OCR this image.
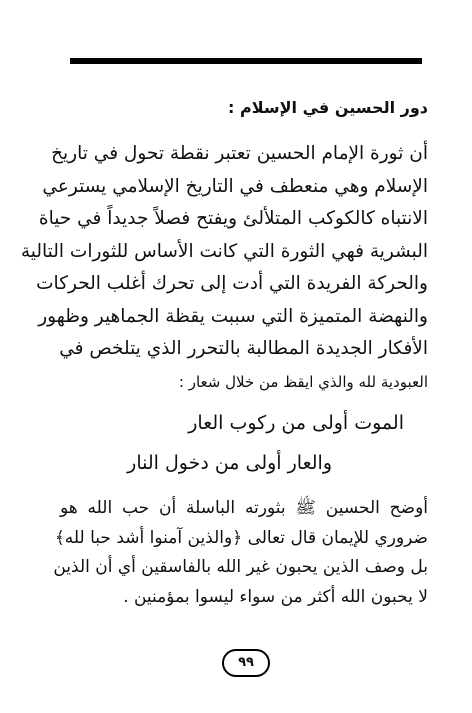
دور الحسين في الإسلام :
أن ثورة الإمام الحسين تعتبر نقطة تحول في تاريخ
الإسلام وهي منعطف في التاريخ الإسلامي يسترعي
الانتباه كالكوكب المتلألئ ويفتح فصلاً جديداً في حياة
البشرية فهي الثورة التي كانت الأساس للثورات التالية
والحركة الفريدة التي أدت إلى تحرك أغلب الحركات
والنهضة المتميزة التي سببت يقظة الجماهير وظهور
الأفكار الجديدة المطالبة بالتحرر الذي يتلخص في
العبودية لله والذي ايقظ من خلال شعار :
الموت أولى من ركوب العار
والعار أولى من دخول النار
أوضح الحسين ﷺ بثورته الباسلة أن حب الله هو
ضروري للإيمان قال تعالى ﴿والذين آمنوا أشد حبا لله﴾
بل وصف الذين يحبون غير الله بالفاسقين أي أن الذين
لا يحبون الله أكثر من سواء ليسوا بمؤمنين .
٩٩
